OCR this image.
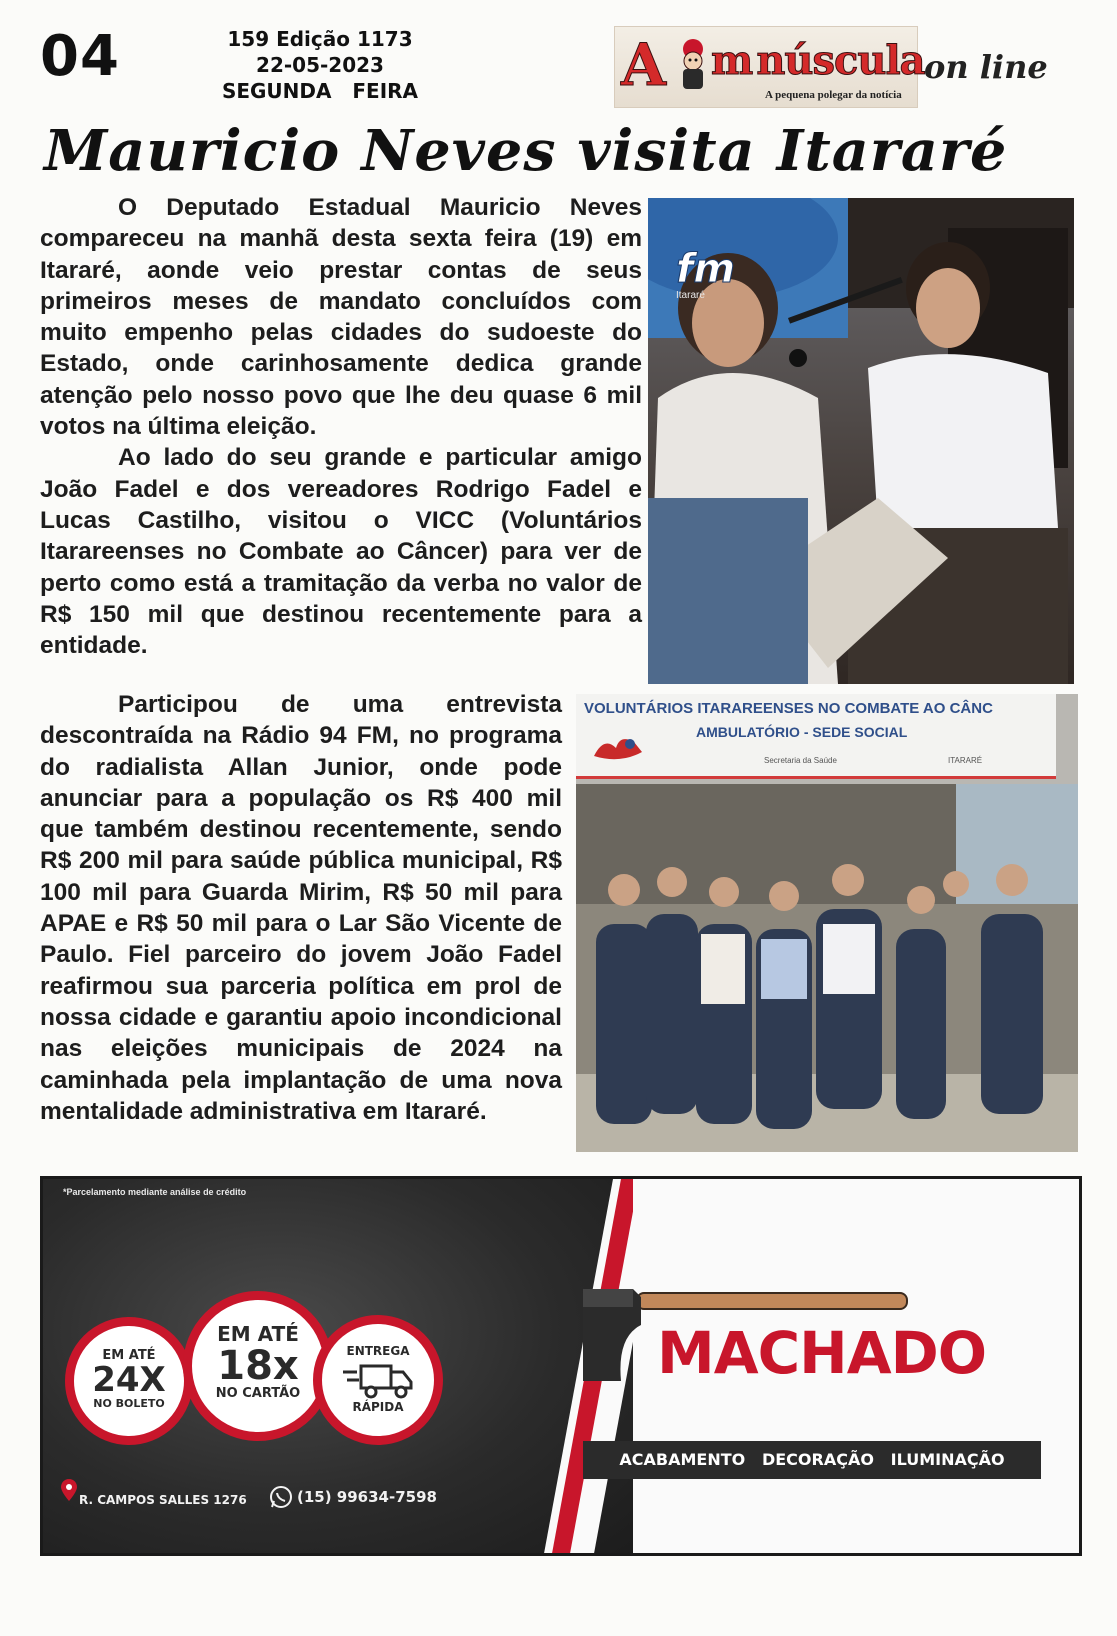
04	159 Edição 1173
22-05-2023
SEGUNDA   FEIRA	A m núscula
A pequena polegar da notícia
on line
Mauricio Neves visita Itararé

O Deputado Estadual Mauricio Neves compareceu na manhã desta sexta feira (19) em Itararé, aonde veio prestar contas de seus primeiros meses de mandato concluídos com muito empenho pelas cidades do sudoeste do Estado, onde carinhosamente dedica grande atenção pelo nosso povo que lhe deu quase 6 mil votos na última eleição.

Ao lado do seu grande e particular amigo João Fadel e dos vereadores Rodrigo Fadel e Lucas Castilho, visitou o VICC (Voluntários Itarareenses no Combate ao Câncer) para ver de perto como está a tramitação da verba no valor de R$ 150 mil que destinou recentemente para a entidade.

Participou de uma entrevista descontraída na Rádio 94 FM, no programa do radialista Allan Junior, onde pode anunciar para a população os R$ 400 mil que também destinou recentemente, sendo R$ 200 mil para saúde pública municipal, R$ 100 mil para Guarda Mirim, R$ 50 mil para APAE e R$ 50 mil para o Lar São Vicente de Paulo. Fiel parceiro do jovem João Fadel reafirmou sua parceria política em prol de nossa cidade e garantiu apoio incondicional nas eleições municipais de 2024 na caminhada pela implantação de uma nova mentalidade administrativa em Itararé.

fm
Itararé
VOLUNTÁRIOS ITARAREENSES NO COMBATE AO CÂNC
AMBULATÓRIO - SEDE SOCIAL
Secretaria da Saúde	ITARARÉ
*Parcelamento mediante análise de crédito
EM ATÉ
24X
NO BOLETO
EM ATÉ
18x
NO CARTÃO
ENTREGA
RÁPIDA
R. CAMPOS SALLES 1276	(15) 99634-7598
MACHADO
ACABAMENTO   DECORAÇÃO   ILUMINAÇÃO
